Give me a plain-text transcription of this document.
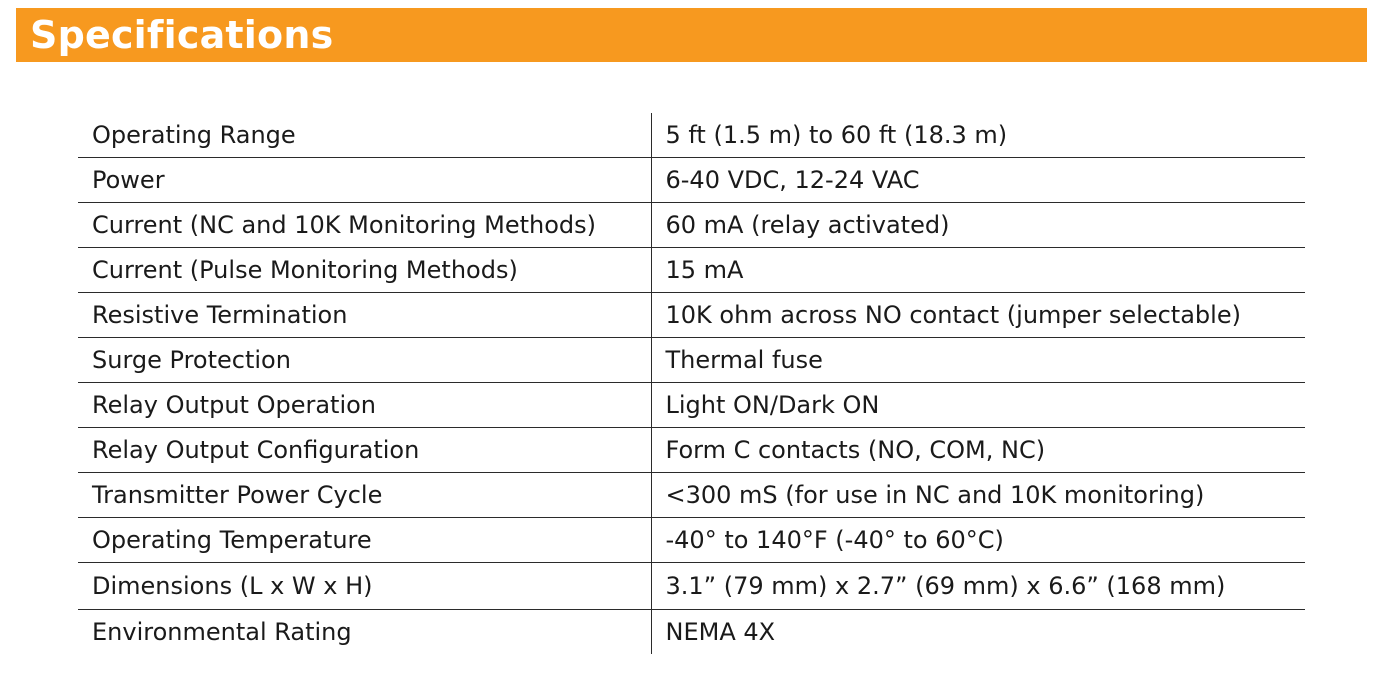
Specifications
Operating Range	5 ft (1.5 m) to 60 ft (18.3 m)
Power	6-40 VDC, 12-24 VAC
Current (NC and 10K Monitoring Methods)	60 mA (relay activated)
Current (Pulse Monitoring Methods)	15 mA
Resistive Termination	10K ohm across NO contact (jumper selectable)
Surge Protection	Thermal fuse
Relay Output Operation	Light ON/Dark ON
Relay Output Configuration	Form C contacts (NO, COM, NC)
Transmitter Power Cycle	<300 mS (for use in NC and 10K monitoring)
Operating Temperature	-40° to 140°F (-40° to 60°C)
Dimensions (L x W x H)	3.1” (79 mm) x 2.7” (69 mm) x 6.6” (168 mm)
Environmental Rating	NEMA 4X
